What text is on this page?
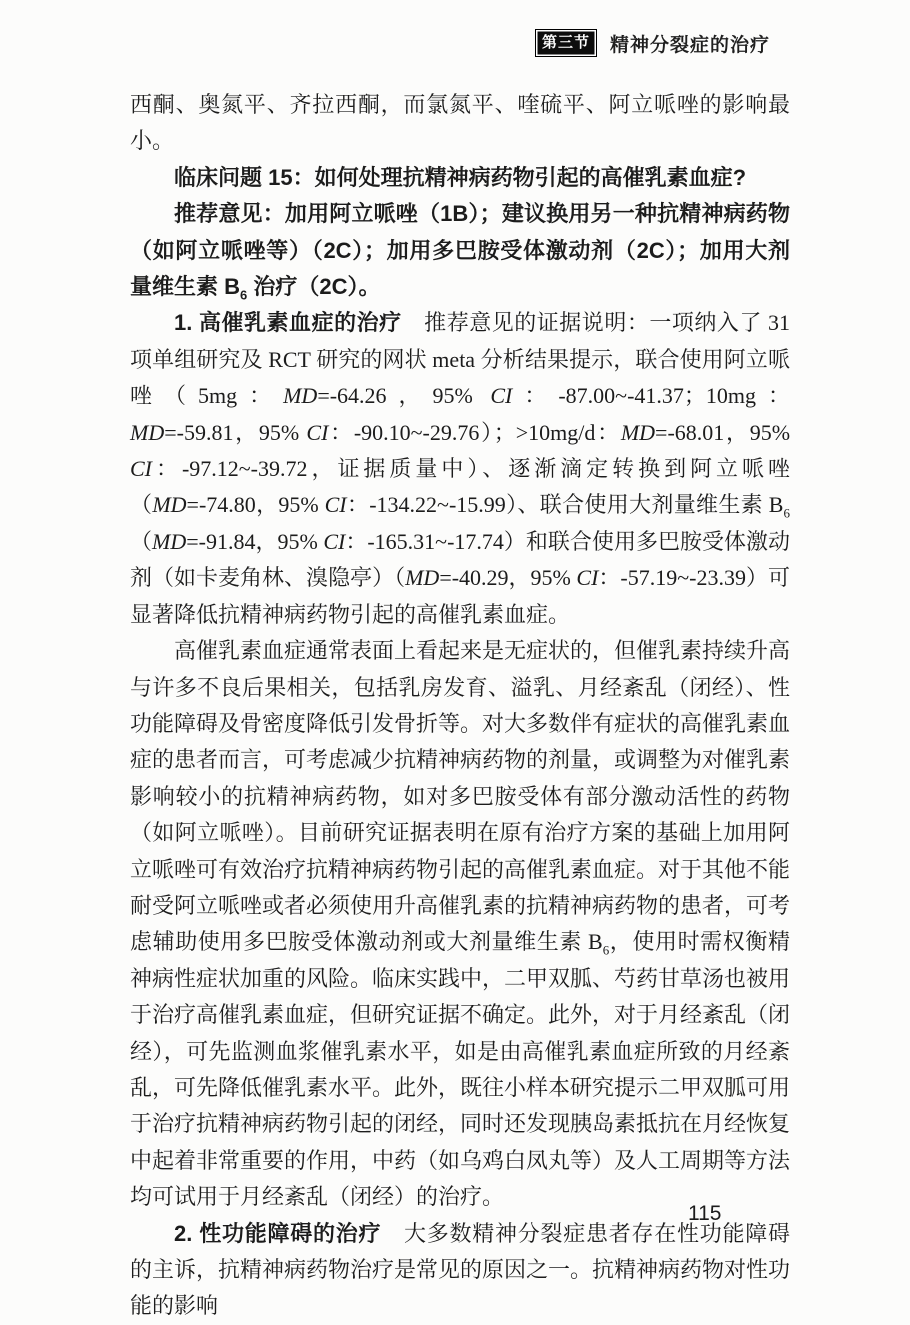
第三节	精神分裂症的治疗

西酮、奥氮平、齐拉西酮，而氯氮平、喹硫平、阿立哌唑的影响最小。

临床问题 15：如何处理抗精神病药物引起的高催乳素血症?

推荐意见：加用阿立哌唑（1B）；建议换用另一种抗精神病药物（如阿立哌唑等）（2C）；加用多巴胺受体激动剂（2C）；加用大剂量维生素 $B_6$ 治疗（2C）。

1. 高催乳素血症的治疗　推荐意见的证据说明：一项纳入了 31 项单组研究及 RCT 研究的网状 meta 分析结果提示，联合使用阿立哌唑（5mg：MD=-64.26，95% CI：-87.00~-41.37；10mg：MD=-59.81，95% CI：-90.10~-29.76）；>10mg/d：MD=-68.01，95% CI：-97.12~-39.72，证据质量中）、逐渐滴定转换到阿立哌唑（MD=-74.80，95% CI：-134.22~-15.99）、联合使用大剂量维生素 $B_6(MD=-91.84$，95% CI：-165.31~-17.74）和联合使用多巴胺受体激动剂（如卡麦角林、溴隐亭）（MD=-40.29，95% CI：-57.19~-23.39）可显著降低抗精神病药物引起的高催乳素血症。

高催乳素血症通常表面上看起来是无症状的，但催乳素持续升高与许多不良后果相关，包括乳房发育、溢乳、月经紊乱（闭经）、性功能障碍及骨密度降低引发骨折等。对大多数伴有症状的高催乳素血症的患者而言，可考虑减少抗精神病药物的剂量，或调整为对催乳素影响较小的抗精神病药物，如对多巴胺受体有部分激动活性的药物（如阿立哌唑）。目前研究证据表明在原有治疗方案的基础上加用阿立哌唑可有效治疗抗精神病药物引起的高催乳素血症。对于其他不能耐受阿立哌唑或者必须使用升高催乳素的抗精神病药物的患者，可考虑辅助使用多巴胺受体激动剂或大剂量维生素 $B_6$，使用时需权衡精神病性症状加重的风险。临床实践中，二甲双胍、芍药甘草汤也被用于治疗高催乳素血症，但研究证据不确定。此外，对于月经紊乱（闭经），可先监测血浆催乳素水平，如是由高催乳素血症所致的月经紊乱，可先降低催乳素水平。此外，既往小样本研究提示二甲双胍可用于治疗抗精神病药物引起的闭经，同时还发现胰岛素抵抗在月经恢复中起着非常重要的作用，中药（如乌鸡白凤丸等）及人工周期等方法均可试用于月经紊乱（闭经）的治疗。

2. 性功能障碍的治疗　大多数精神分裂症患者存在性功能障碍的主诉，抗精神病药物治疗是常见的原因之一。抗精神病药物对性功能的影响

115
